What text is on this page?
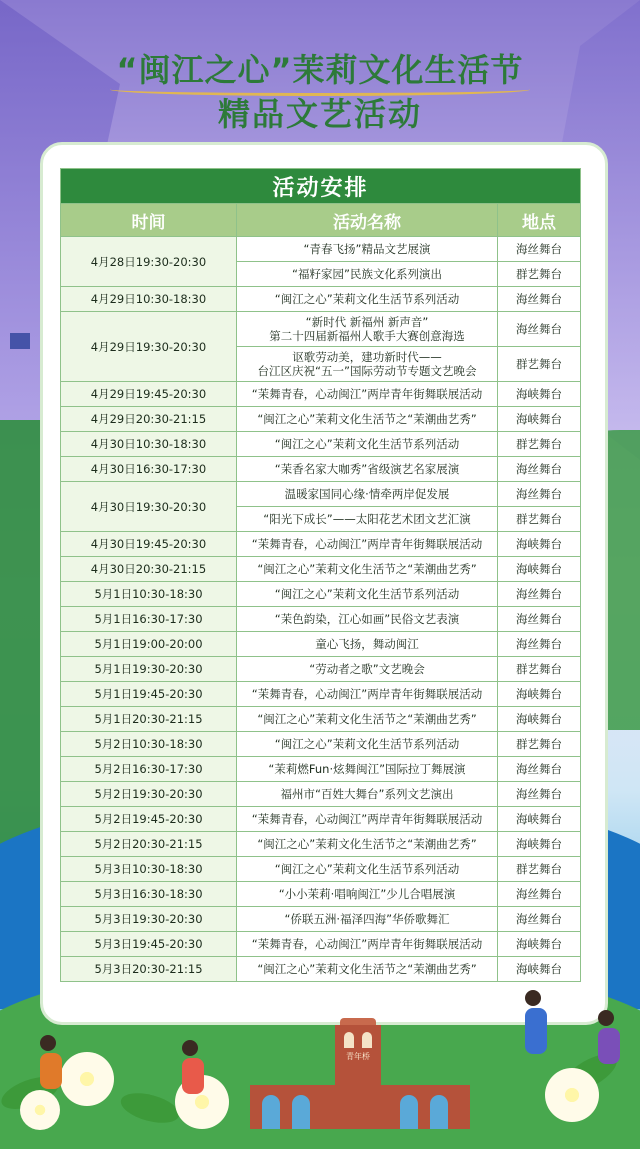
“闽江之心”茉莉文化生活节
精品文艺活动
活动安排		
时间	活动名称	地点
4月28日19:30-20:30	“青春飞扬”精品文艺展演	海丝舞台

	“福籽家园”民族文化系列演出	群艺舞台
4月29日10:30-18:30	“闽江之心”茉莉文化生活节系列活动	海丝舞台
4月29日19:30-20:30	“新时代 新福州 新声音”
第二十四届新福州人歌手大赛创意海选	海丝舞台

	讴歌劳动美，建功新时代——
台江区庆祝“五一”国际劳动节专题文艺晚会	群艺舞台
4月29日19:45-20:30	“茉舞青春，心动闽江”两岸青年街舞联展活动	海峡舞台
4月29日20:30-21:15	“闽江之心”茉莉文化生活节之“茉潮曲艺秀”	海峡舞台
4月30日10:30-18:30	“闽江之心”茉莉文化生活节系列活动	群艺舞台
4月30日16:30-17:30	“茉香名家大咖秀”省级演艺名家展演	海丝舞台
4月30日19:30-20:30	温暖家国同心缘·情牵两岸促发展	海丝舞台

	“阳光下成长”——太阳花艺术团文艺汇演	群艺舞台
4月30日19:45-20:30	“茉舞青春，心动闽江”两岸青年街舞联展活动	海峡舞台
4月30日20:30-21:15	“闽江之心”茉莉文化生活节之“茉潮曲艺秀”	海峡舞台
5月1日10:30-18:30	“闽江之心”茉莉文化生活节系列活动	海丝舞台
5月1日16:30-17:30	“茉色韵染，江心如画”民俗文艺表演	海丝舞台
5月1日19:00-20:00	童心飞扬，舞动闽江	海丝舞台
5月1日19:30-20:30	“劳动者之歌”文艺晚会	群艺舞台
5月1日19:45-20:30	“茉舞青春，心动闽江”两岸青年街舞联展活动	海峡舞台
5月1日20:30-21:15	“闽江之心”茉莉文化生活节之“茉潮曲艺秀”	海峡舞台
5月2日10:30-18:30	“闽江之心”茉莉文化生活节系列活动	群艺舞台
5月2日16:30-17:30	“茉莉燃Fun·炫舞闽江”国际拉丁舞展演	海丝舞台
5月2日19:30-20:30	福州市“百姓大舞台”系列文艺演出	海丝舞台
5月2日19:45-20:30	“茉舞青春，心动闽江”两岸青年街舞联展活动	海峡舞台
5月2日20:30-21:15	“闽江之心”茉莉文化生活节之“茉潮曲艺秀”	海峡舞台
5月3日10:30-18:30	“闽江之心”茉莉文化生活节系列活动	群艺舞台
5月3日16:30-18:30	“小小茉莉·唱响闽江”少儿合唱展演	海丝舞台
5月3日19:30-20:30	“侨联五洲·福泽四海”华侨歌舞汇	海丝舞台
5月3日19:45-20:30	“茉舞青春，心动闽江”两岸青年街舞联展活动	海峡舞台
5月3日20:30-21:15	“闽江之心”茉莉文化生活节之“茉潮曲艺秀”	海峡舞台
青年桥
